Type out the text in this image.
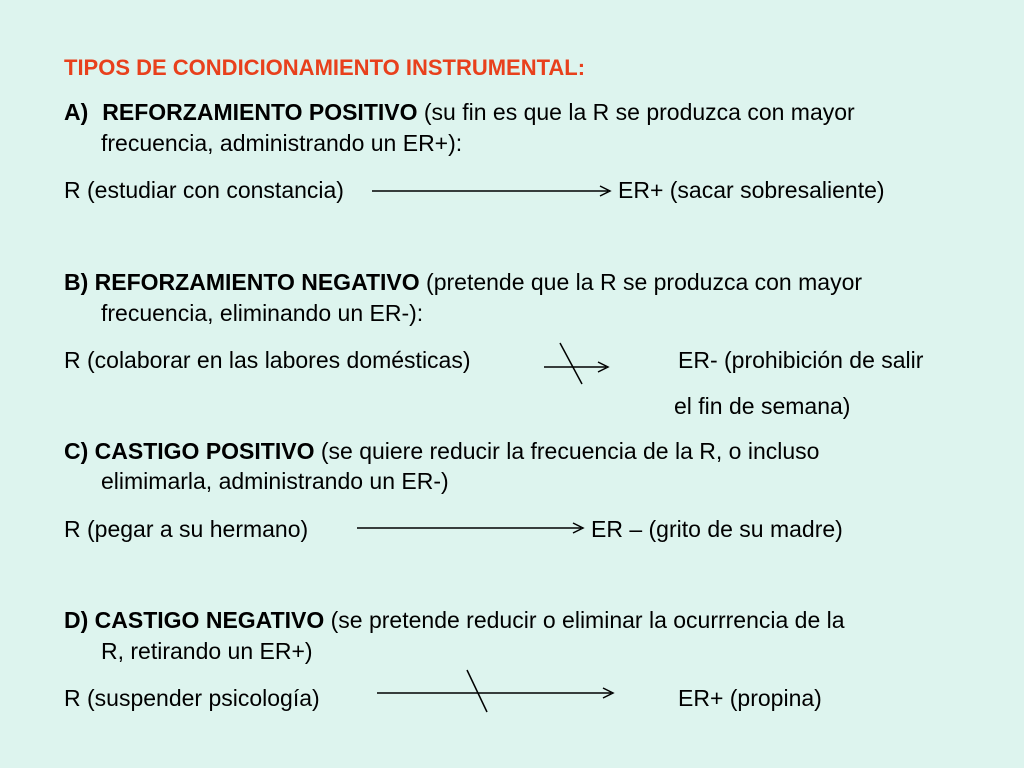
TIPOS DE CONDICIONAMIENTO INSTRUMENTAL:
A) REFORZAMIENTO POSITIVO (su fin es que la R se produzca con mayor
frecuencia, administrando un ER+):
R (estudiar con constancia)	ER+ (sacar sobresaliente)
B) REFORZAMIENTO NEGATIVO (pretende que la R se produzca con mayor
frecuencia, eliminando un ER-):
R (colaborar en las labores domésticas)	ER- (prohibición de salir
el fin de semana)
C) CASTIGO POSITIVO (se quiere reducir la frecuencia de la R, o incluso
elimimarla, administrando un ER-)
R (pegar a su hermano)	ER – (grito de su madre)
D) CASTIGO NEGATIVO (se pretende reducir o eliminar la ocurrrencia de la
R, retirando un ER+)
R (suspender psicología)	ER+ (propina)
